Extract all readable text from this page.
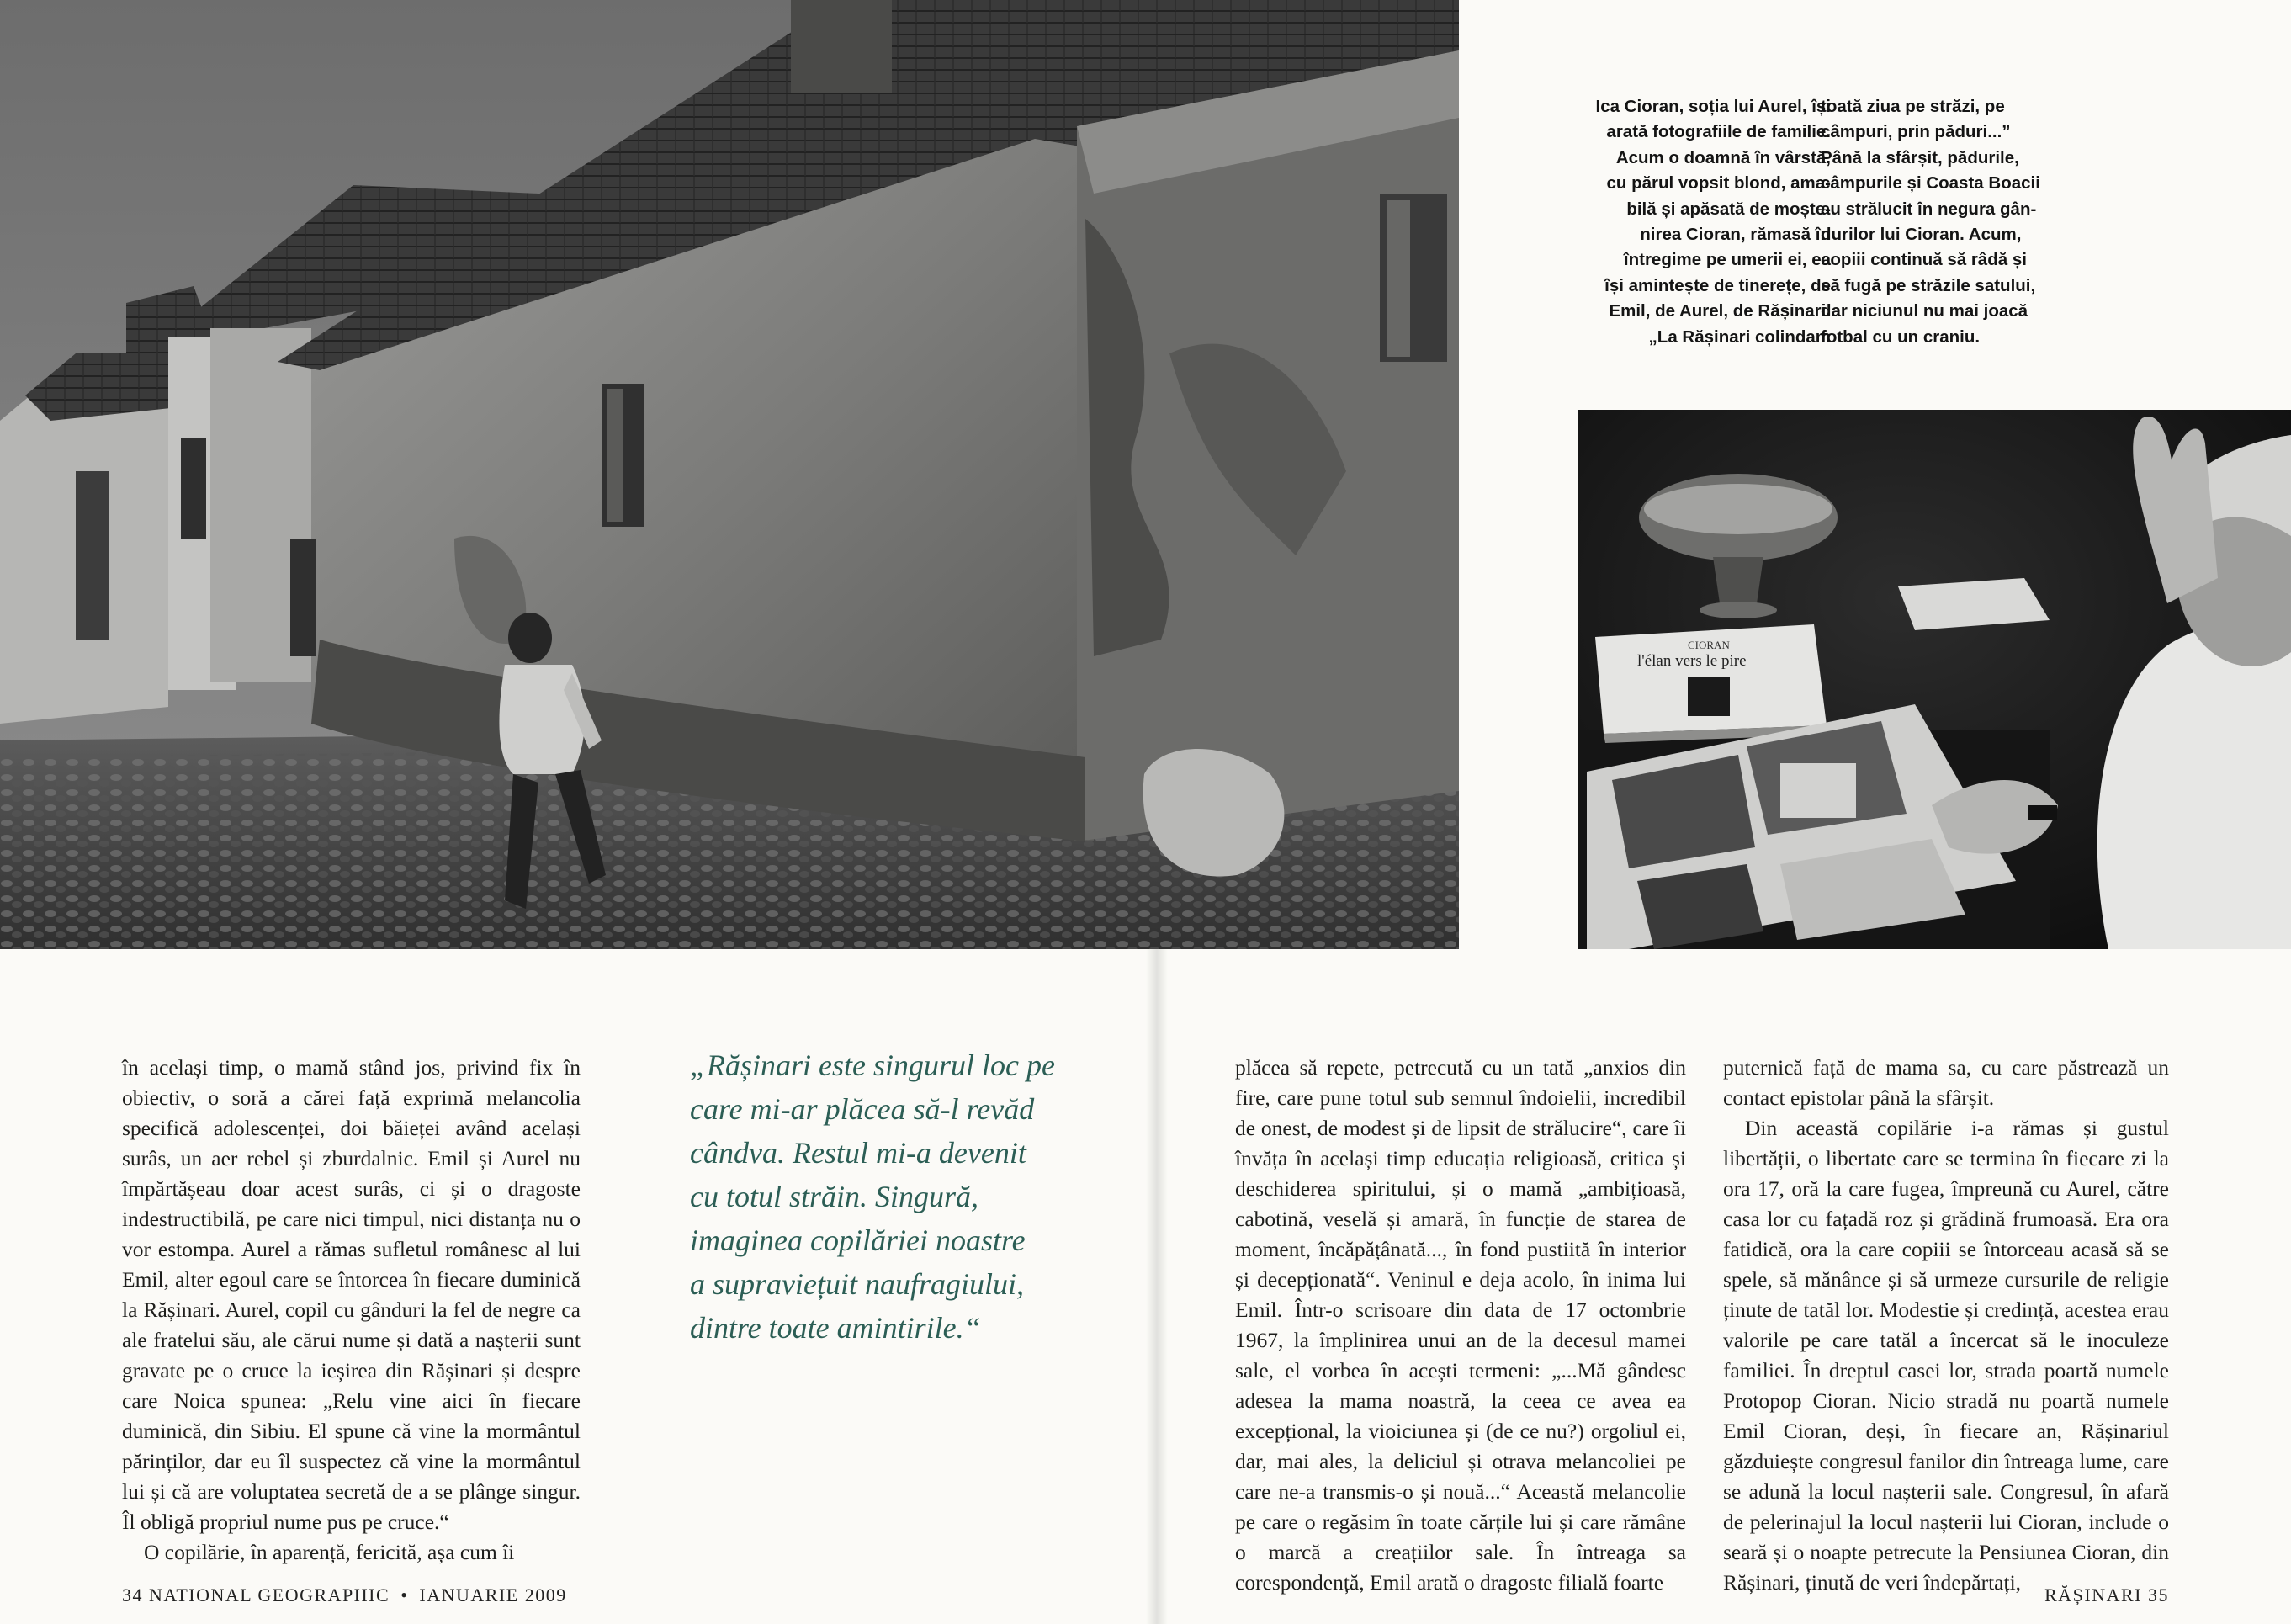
Ica Cioran, soția lui Aurel, își
arată fotografiile de familie.
Acum o doamnă în vârstă,
cu părul vopsit blond, ama-
bilă și apăsată de moște-
nirea Cioran, rămasă în
întregime pe umerii ei, ea
își amintește de tinerețe, de
Emil, de Aurel, de Rășinari.
„La Rășinari colindam

toată ziua pe străzi, pe
câmpuri, prin păduri...”
Până la sfârșit, pădurile,
câmpurile și Coasta Boacii
au strălucit în negura gân-
durilor lui Cioran. Acum,
copiii continuă să râdă și
să fugă pe străzile satului,
dar niciunul nu mai joacă
fotbal cu un craniu.

CIORAN
l'élan vers le pire

în același timp, o mamă stând jos, privind fix în obiectiv, o soră a cărei față exprimă melancolia specifică adolescenței, doi băieței având același surâs, un aer rebel și zburdalnic. Emil și Aurel nu împărtășeau doar acest surâs, ci și o dragoste indestructibilă, pe care nici timpul, nici distanța nu o vor estompa. Aurel a rămas sufletul românesc al lui Emil, alter egoul care se întorcea în fiecare duminică la Rășinari. Aurel, copil cu gânduri la fel de negre ca ale fratelui său, ale cărui nume și dată a nașterii sunt gravate pe o cruce la ieșirea din Rășinari și despre care Noica spunea: „Relu vine aici în fiecare duminică, din Sibiu. El spune că vine la mormântul părinților, dar eu îl suspectez că vine la mormântul lui și că are voluptatea secretă de a se plânge singur. Îl obligă propriul nume pus pe cruce.“

O copilărie, în aparență, fericită, așa cum îi

„Rășinari este singurul loc pe
care mi-ar plăcea să-l revăd
cândva. Restul mi-a devenit
cu totul străin. Singură,
imaginea copilăriei noastre
a supraviețuit naufragiului,
dintre toate amintirile.“

plăcea să repete, petrecută cu un tată „anxios din fire, care pune totul sub semnul îndoielii, incredibil de onest, de modest și de lipsit de strălucire“, care îi învăța în același timp educația religioasă, critica și deschiderea spiritului, și o mamă „ambițioasă, cabotină, veselă și amară, în funcție de starea de moment, încăpățânată..., în fond pustiită în interior și decepționată“. Veninul e deja acolo, în inima lui Emil. Într-o scrisoare din data de 17 octombrie 1967, la împlinirea unui an de la decesul mamei sale, el vorbea în acești termeni: „...Mă gândesc adesea la mama noastră, la ceea ce avea ea excepțional, la vioiciunea și (de ce nu?) orgoliul ei, dar, mai ales, la deliciul și otrava melancoliei pe care ne-a transmis-o și nouă...“ Această melancolie pe care o regăsim în toate cărțile lui și care rămâne o marcă a creațiilor sale. În întreaga sa corespondență, Emil arată o dragoste filială foarte

puternică față de mama sa, cu care păstrează un contact epistolar până la sfârșit.

Din această copilărie i-a rămas și gustul libertății, o libertate care se termina în fiecare zi la ora 17, oră la care fugea, împreună cu Aurel, către casa lor cu fațadă roz și grădină frumoasă. Era ora fatidică, ora la care copiii se întorceau acasă să se spele, să mănânce și să urmeze cursurile de religie ținute de tatăl lor. Modestie și credință, acestea erau valorile pe care tatăl a încercat să le inoculeze familiei. În dreptul casei lor, strada poartă numele Protopop Cioran. Nicio stradă nu poartă numele Emil Cioran, deși, în fiecare an, Rășinariul găzduiește congresul fanilor din întreaga lume, care se adună la locul nașterii sale. Congresul, în afară de pelerinajul la locul nașterii lui Cioran, include o seară și o noapte petrecute la Pensiunea Cioran, din Rășinari, ținută de veri îndepărtați,

34 NATIONAL GEOGRAPHIC • IANUARIE 2009	RĂȘINARI 35
